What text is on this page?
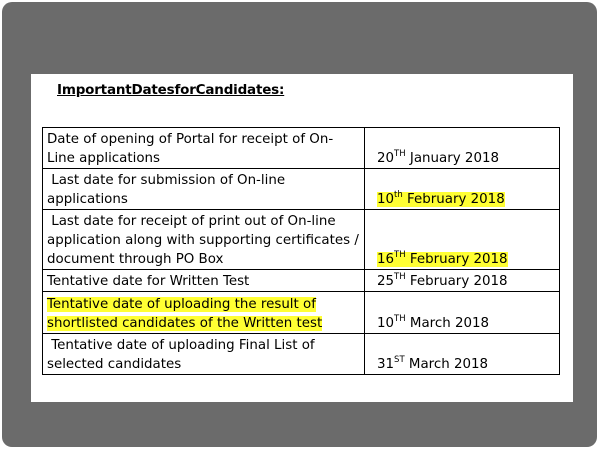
ImportantDatesforCandidates:

Date of opening of Portal for receipt of On-Line applications	20TH January 2018
Last date for submission of On-line applications	10th February 2018
Last date for receipt of print out of On-line application along with supporting certificates / document through PO Box	16TH February 2018
Tentative date for Written Test	25TH February 2018
Tentative date of uploading the result of shortlisted candidates of the Written test	10TH March 2018
Tentative date of uploading Final List of selected candidates	31ST March 2018
